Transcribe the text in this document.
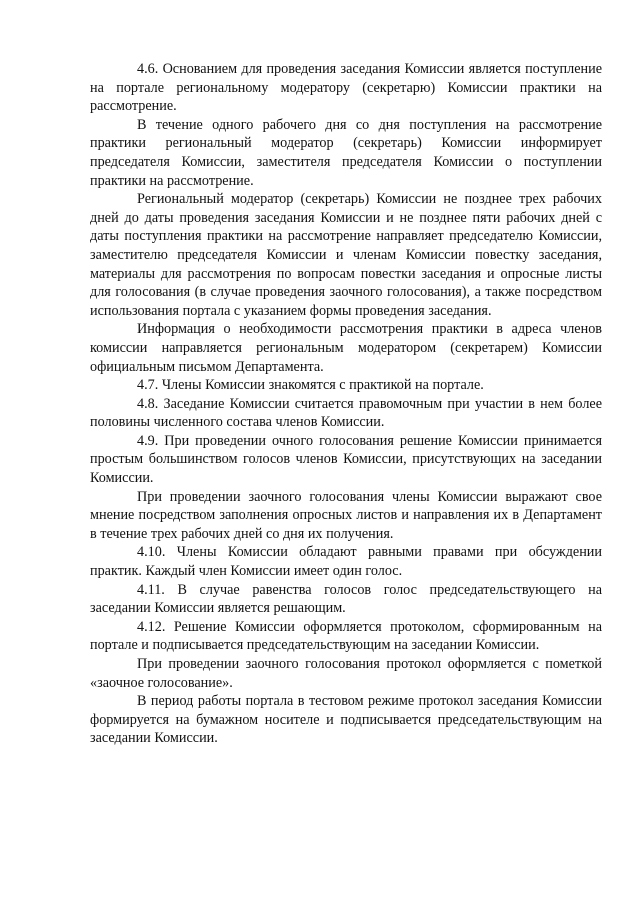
4.6. Основанием для проведения заседания Комиссии является поступление на портале региональному модератору (секретарю) Комиссии практики на рассмотрение.

В течение одного рабочего дня со дня поступления на рассмотрение практики региональный модератор (секретарь) Комиссии информирует председателя Комиссии, заместителя председателя Комиссии о поступлении практики на рассмотрение.

Региональный модератор (секретарь) Комиссии не позднее трех рабочих дней до даты проведения заседания Комиссии и не позднее пяти рабочих дней с даты поступления практики на рассмотрение направляет председателю Комиссии, заместителю председателя Комиссии и членам Комиссии повестку заседания, материалы для рассмотрения по вопросам повестки заседания и опросные листы для голосования (в случае проведения заочного голосования), а также посредством использования портала с указанием формы проведения заседания.

Информация о необходимости рассмотрения практики в адреса членов комиссии направляется региональным модератором (секретарем) Комиссии официальным письмом Департамента.

4.7. Члены Комиссии знакомятся с практикой на портале.

4.8. Заседание Комиссии считается правомочным при участии в нем более половины численного состава членов Комиссии.

4.9. При проведении очного голосования решение Комиссии принимается простым большинством голосов членов Комиссии, присутствующих на заседании Комиссии.

При проведении заочного голосования члены Комиссии выражают свое мнение посредством заполнения опросных листов и направления их в Департамент в течение трех рабочих дней со дня их получения.

4.10. Члены Комиссии обладают равными правами при обсуждении практик. Каждый член Комиссии имеет один голос.

4.11. В случае равенства голосов голос председательствующего на заседании Комиссии является решающим.

4.12. Решение Комиссии оформляется протоколом, сформированным на портале и подписывается председательствующим на заседании Комиссии.

При проведении заочного голосования протокол оформляется с пометкой «заочное голосование».

В период работы портала в тестовом режиме протокол заседания Комиссии формируется на бумажном носителе и подписывается председательствующим на заседании Комиссии.
